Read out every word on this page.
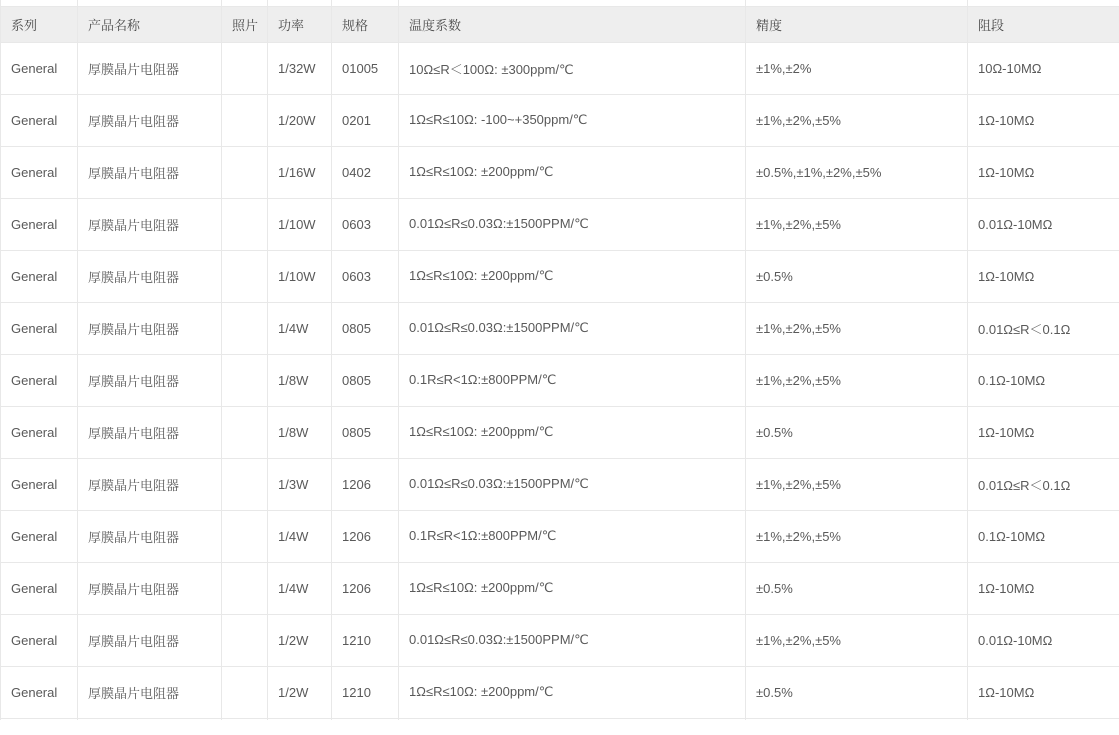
系列	产品名称	照片	功率	规格	温度系数	精度	阻段
General	厚膜晶片电阻器		1/32W	01005	10Ω≤R＜100Ω: ±300ppm/℃	±1%,±2%	10Ω-10MΩ
General	厚膜晶片电阻器		1/20W	0201	1Ω≤R≤10Ω: -100~+350ppm/℃	±1%,±2%,±5%	1Ω-10MΩ
General	厚膜晶片电阻器		1/16W	0402	1Ω≤R≤10Ω: ±200ppm/℃	±0.5%,±1%,±2%,±5%	1Ω-10MΩ
General	厚膜晶片电阻器		1/10W	0603	0.01Ω≤R≤0.03Ω:±1500PPM/℃	±1%,±2%,±5%	0.01Ω-10MΩ
General	厚膜晶片电阻器		1/10W	0603	1Ω≤R≤10Ω: ±200ppm/℃	±0.5%	1Ω-10MΩ
General	厚膜晶片电阻器		1/4W	0805	0.01Ω≤R≤0.03Ω:±1500PPM/℃	±1%,±2%,±5%	0.01Ω≤R＜0.1Ω
General	厚膜晶片电阻器		1/8W	0805	0.1R≤R<1Ω:±800PPM/℃	±1%,±2%,±5%	0.1Ω-10MΩ
General	厚膜晶片电阻器		1/8W	0805	1Ω≤R≤10Ω: ±200ppm/℃	±0.5%	1Ω-10MΩ
General	厚膜晶片电阻器		1/3W	1206	0.01Ω≤R≤0.03Ω:±1500PPM/℃	±1%,±2%,±5%	0.01Ω≤R＜0.1Ω
General	厚膜晶片电阻器		1/4W	1206	0.1R≤R<1Ω:±800PPM/℃	±1%,±2%,±5%	0.1Ω-10MΩ
General	厚膜晶片电阻器		1/4W	1206	1Ω≤R≤10Ω: ±200ppm/℃	±0.5%	1Ω-10MΩ
General	厚膜晶片电阻器		1/2W	1210	0.01Ω≤R≤0.03Ω:±1500PPM/℃	±1%,±2%,±5%	0.01Ω-10MΩ
General	厚膜晶片电阻器		1/2W	1210	1Ω≤R≤10Ω: ±200ppm/℃	±0.5%	1Ω-10MΩ
